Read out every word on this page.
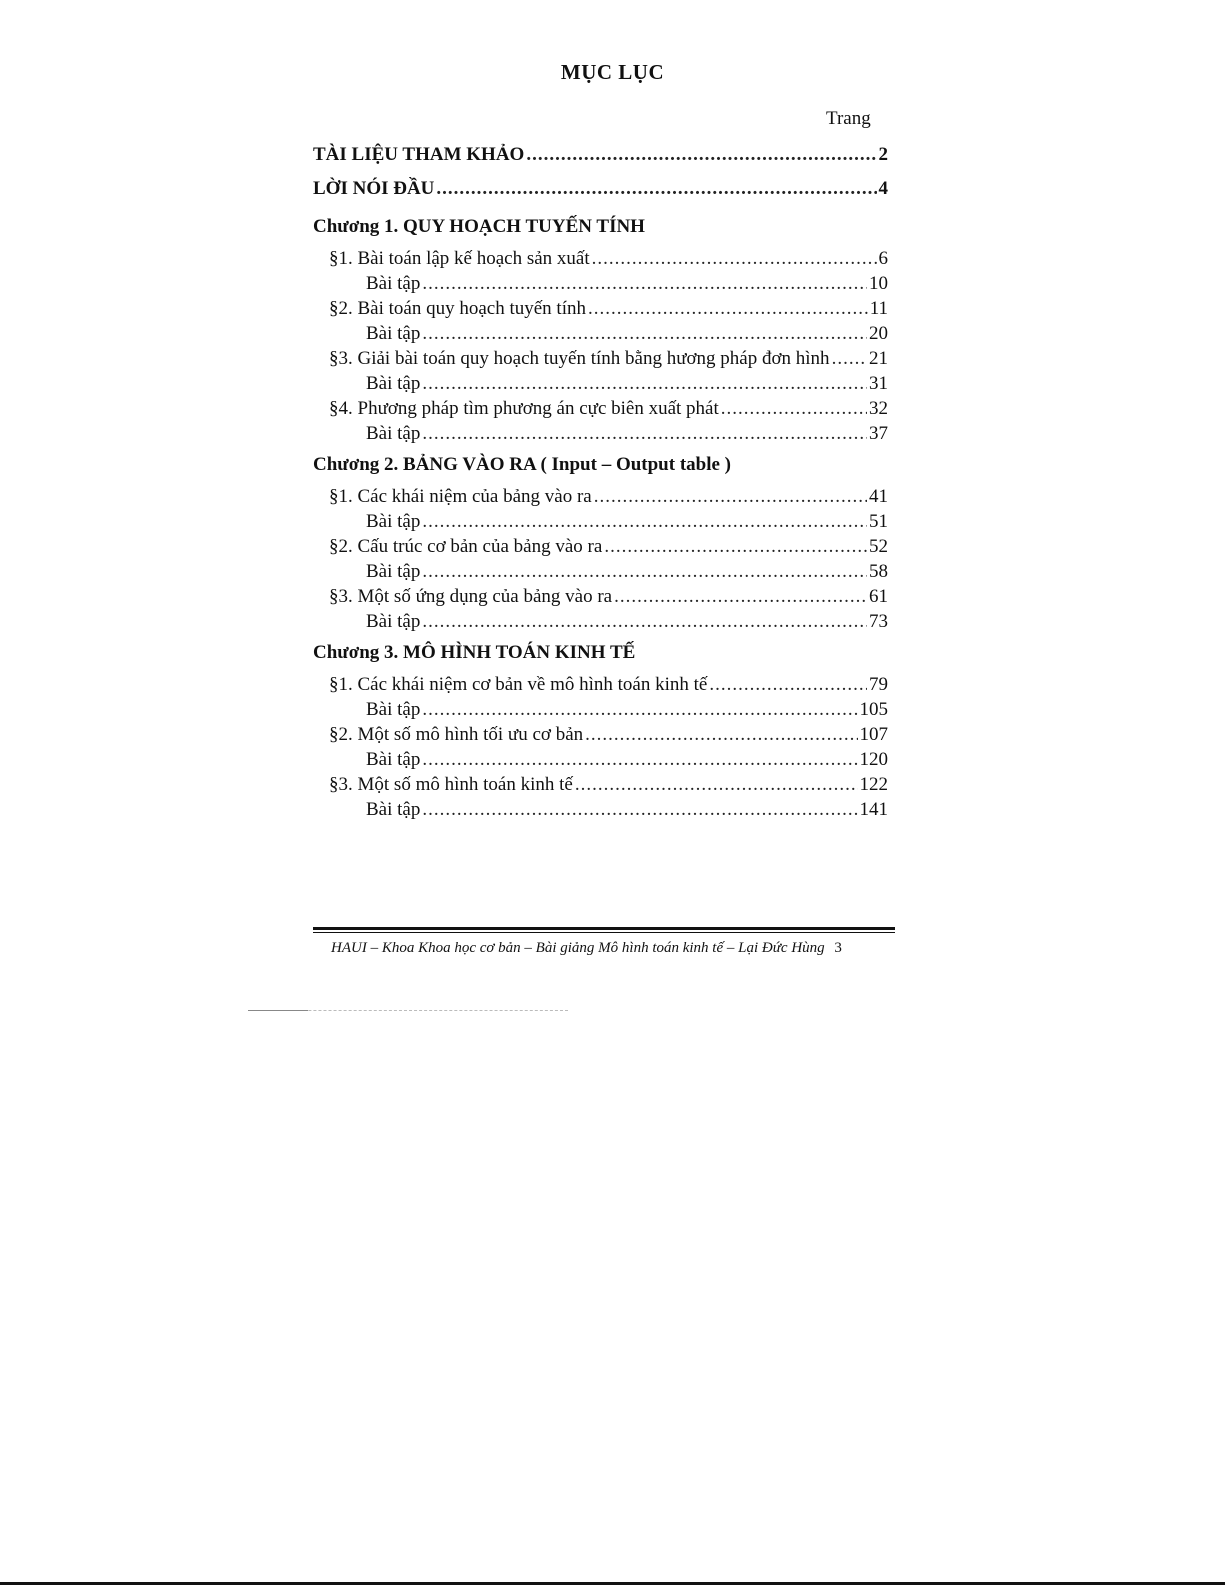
MỤC LỤC
Trang
TÀI LIỆU THAM KHẢO .....	2
LỜI NÓI ĐẦU .....	4
Chương 1. QUY HOẠCH TUYẾN TÍNH
§1. Bài toán lập kế hoạch sản xuất .....	6
Bài tập .....	10
§2. Bài toán quy hoạch tuyến tính .....	11
Bài tập .....	20
§3. Giải bài toán quy hoạch tuyến tính bằng hương pháp đơn hình ..... 21
Bài tập .....	31
§4. Phương pháp tìm phương án cực biên xuất phát .....	32
Bài tập .....	37
Chương 2. BẢNG VÀO RA ( Input – Output table )
§1. Các khái niệm của bảng vào ra .....	41
Bài tập .....	51
§2. Cấu trúc cơ bản của bảng vào ra .....	52
Bài tập .....	58
§3. Một số ứng dụng của bảng vào ra .....	61
Bài tập .....	73
Chương 3. MÔ HÌNH TOÁN KINH TẾ
§1. Các khái niệm cơ bản về mô hình toán kinh tế .....	79
Bài tập .....	105
§2. Một số mô hình tối ưu cơ bản .....	107
Bài tập .....	120
§3. Một số mô hình toán kinh tế .....	122
Bài tập .....	141
HAUI – Khoa Khoa học cơ bản – Bài giảng Mô hình toán kinh tế – Lại Đức Hùng 3
